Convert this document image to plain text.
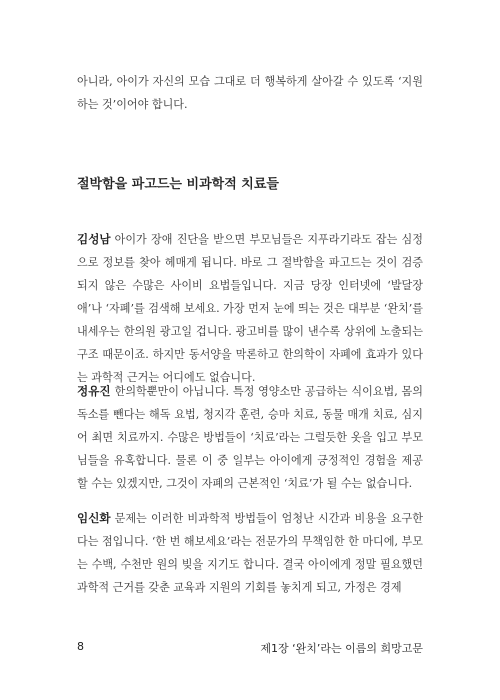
아니라, 아이가 자신의 모습 그대로 더 행복하게 살아갈 수 있도록 ‘지원하는 것’이어야 합니다.

절박함을 파고드는 비과학적 치료들

김성남 아이가 장애 진단을 받으면 부모님들은 지푸라기라도 잡는 심정으로 정보를 찾아 헤매게 됩니다. 바로 그 절박함을 파고드는 것이 검증되지 않은 수많은 사이비 요법들입니다. 지금 당장 인터넷에 ‘발달장애’나 ‘자폐’를 검색해 보세요. 가장 먼저 눈에 띄는 것은 대부분 ‘완치’를 내세우는 한의원 광고일 겁니다. 광고비를 많이 낸수록 상위에 노출되는 구조 때문이죠. 하지만 동서양을 막론하고 한의학이 자폐에 효과가 있다는 과학적 근거는 어디에도 없습니다.

정유진 한의학뿐만이 아닙니다. 특정 영양소만 공급하는 식이요법, 몸의 독소를 뺀다는 해독 요법, 청지각 훈련, 승마 치료, 동물 매개 치료, 심지어 최면 치료까지. 수많은 방법들이 ‘치료’라는 그럴듯한 옷을 입고 부모님들을 유혹합니다. 물론 이 중 일부는 아이에게 긍정적인 경험을 제공할 수는 있겠지만, 그것이 자폐의 근본적인 ‘치료’가 될 수는 없습니다.

임신화 문제는 이러한 비과학적 방법들이 엄청난 시간과 비용을 요구한다는 점입니다. ‘한 번 해보세요’라는 전문가의 무책임한 한 마디에, 부모는 수백, 수천만 원의 빚을 지기도 합니다. 결국 아이에게 정말 필요했던 과학적 근거를 갖춘 교육과 지원의 기회를 놓치게 되고, 가정은 경제

8	제1장 ‘완치’라는 이름의 희망고문
